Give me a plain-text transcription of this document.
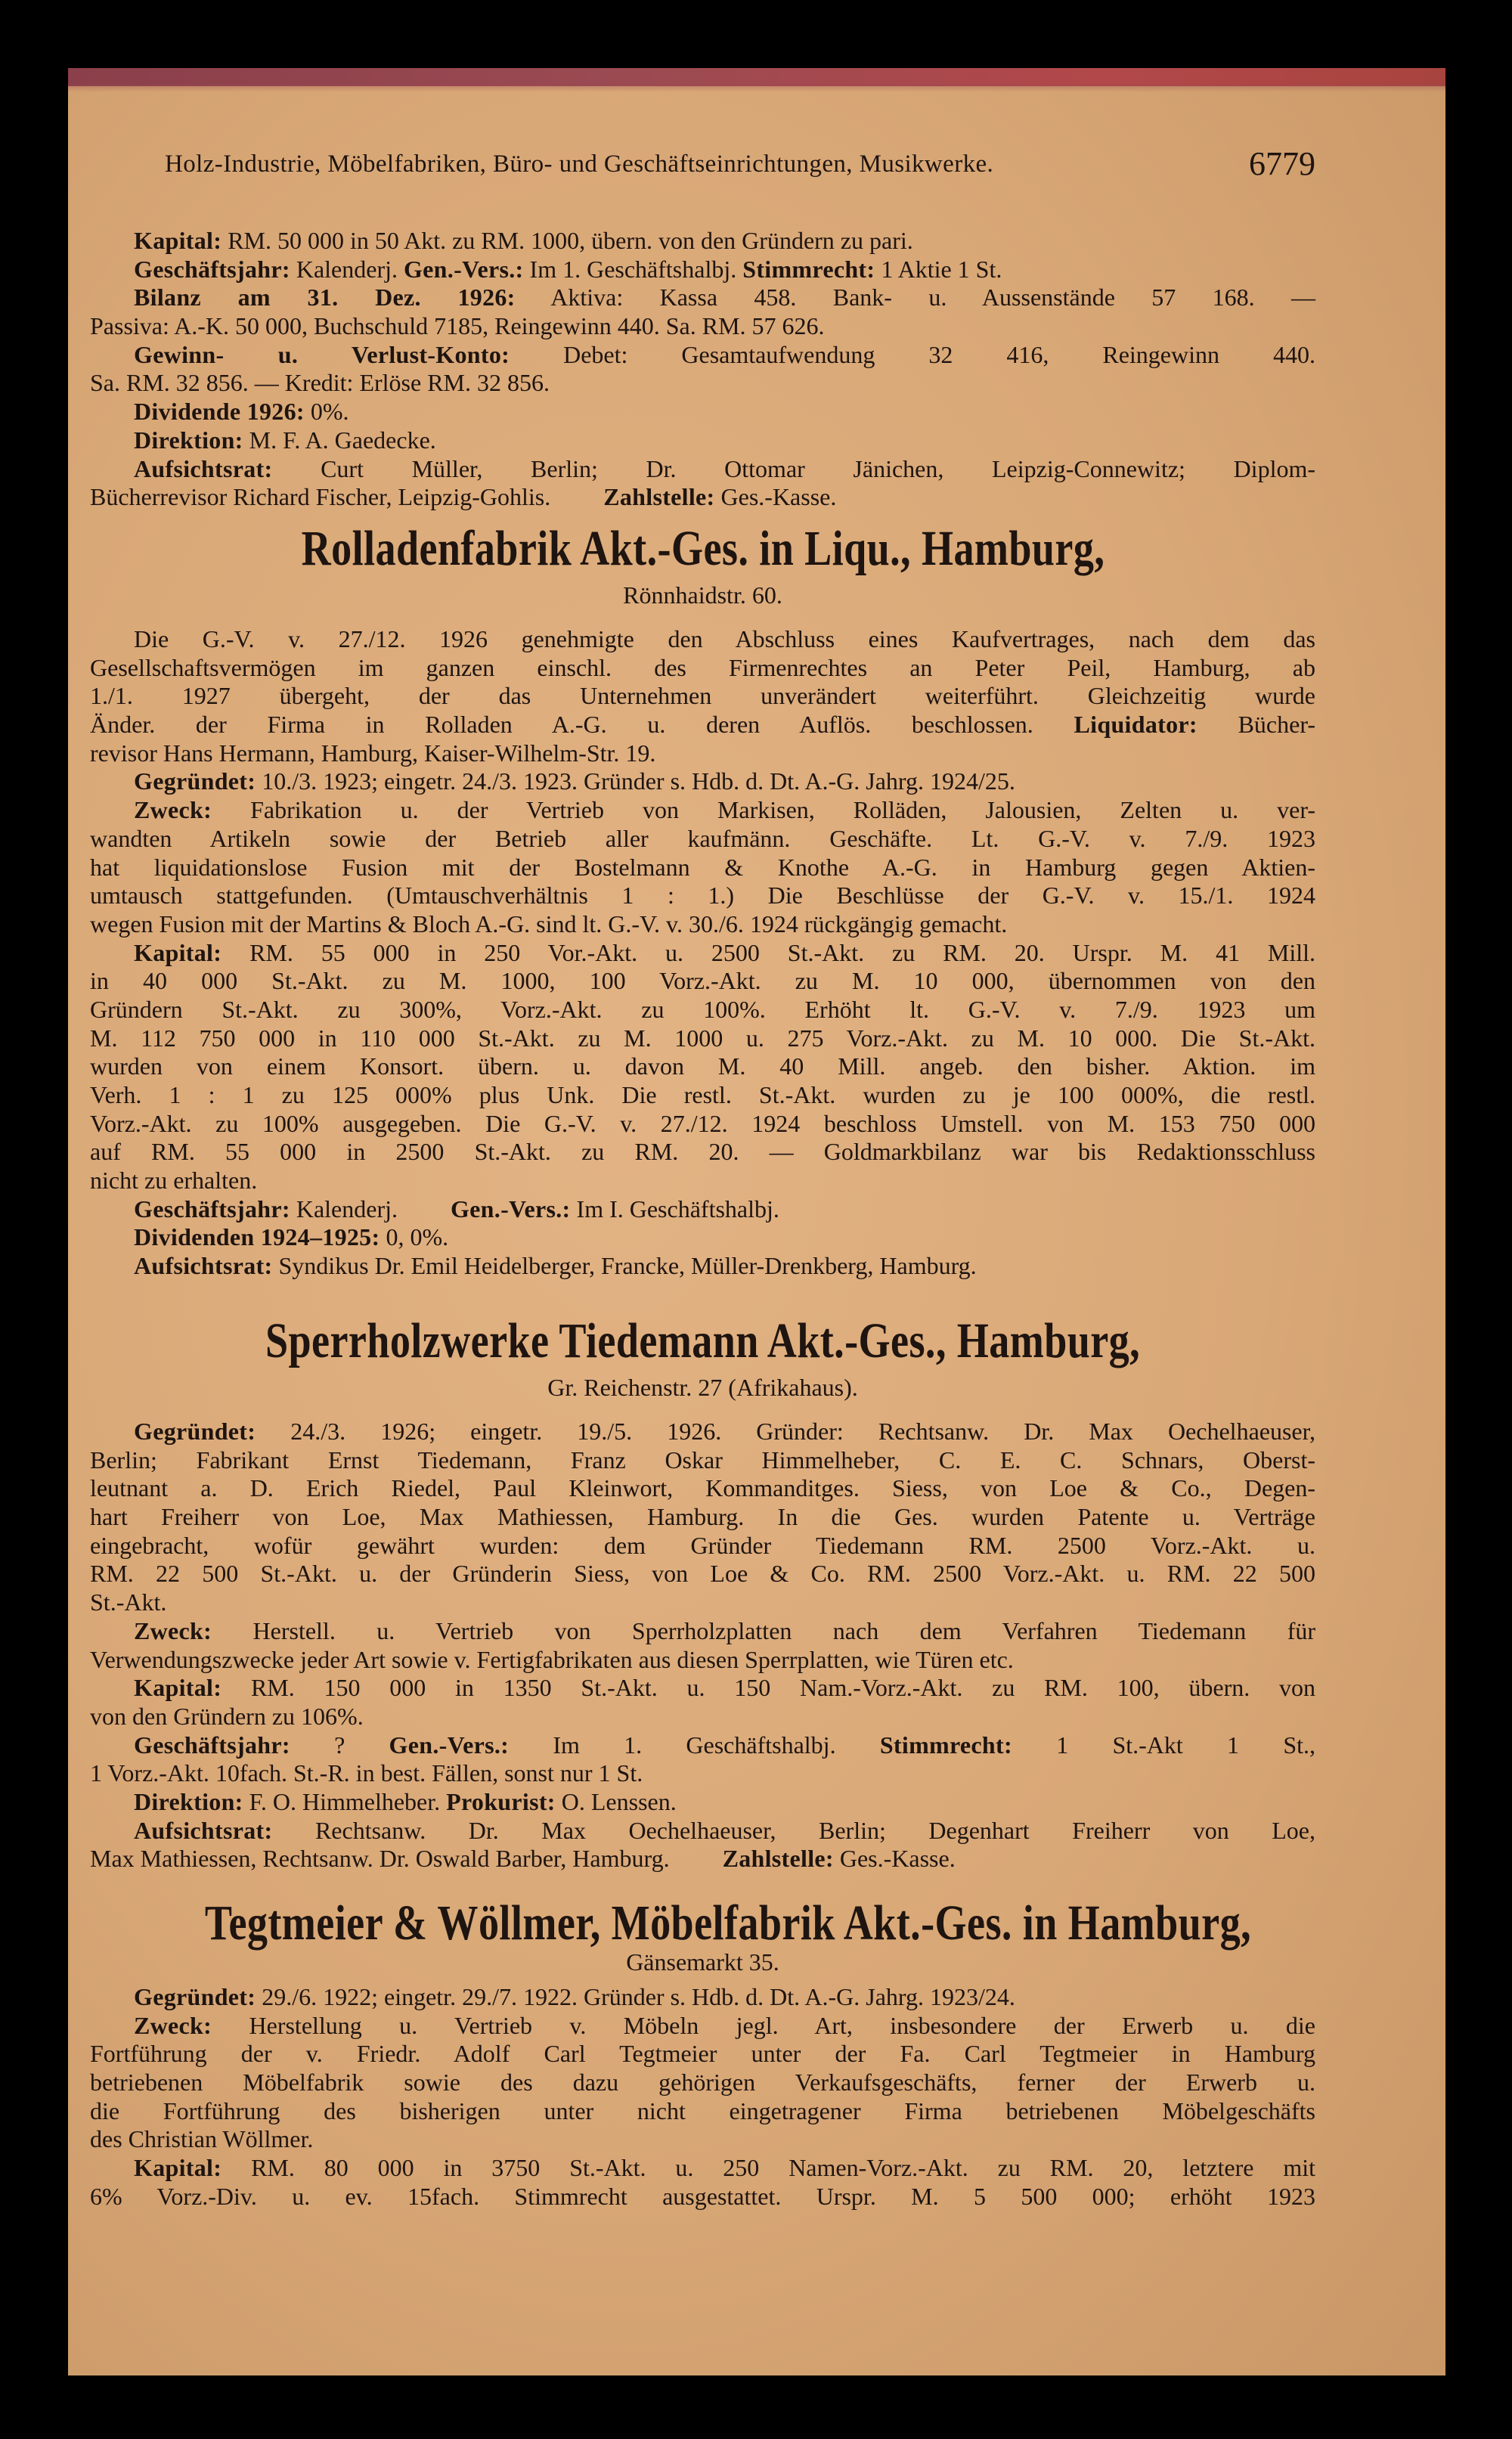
Holz-Industrie, Möbelfabriken, Büro- und Geschäftseinrichtungen, Musikwerke.	6779
Kapital: RM. 50 000 in 50 Akt. zu RM. 1000, übern. von den Gründern zu pari.
Geschäftsjahr: Kalenderj. Gen.-Vers.: Im 1. Geschäftshalbj. Stimmrecht: 1 Aktie 1 St.
Bilanz am 31. Dez. 1926: Aktiva: Kassa 458. Bank- u. Aussenstände 57 168. —
Passiva: A.-K. 50 000, Buchschuld 7185, Reingewinn 440. Sa. RM. 57 626.
Gewinn- u. Verlust-Konto: Debet: Gesamtaufwendung 32 416, Reingewinn 440.
Sa. RM. 32 856. — Kredit: Erlöse RM. 32 856.
Dividende 1926: 0%.
Direktion: M. F. A. Gaedecke.
Aufsichtsrat: Curt Müller, Berlin; Dr. Ottomar Jänichen, Leipzig-Connewitz; Diplom-
Bücherrevisor Richard Fischer, Leipzig-Gohlis. Zahlstelle: Ges.-Kasse.
Rolladenfabrik Akt.-Ges. in Liqu., Hamburg,
Rönnhaidstr. 60.
Die G.-V. v. 27./12. 1926 genehmigte den Abschluss eines Kaufvertrages, nach dem das
Gesellschaftsvermögen im ganzen einschl. des Firmenrechtes an Peter Peil, Hamburg, ab
1./1. 1927 übergeht, der das Unternehmen unverändert weiterführt. Gleichzeitig wurde
Änder. der Firma in Rolladen A.-G. u. deren Auflös. beschlossen. Liquidator: Bücher-
revisor Hans Hermann, Hamburg, Kaiser-Wilhelm-Str. 19.
Gegründet: 10./3. 1923; eingetr. 24./3. 1923. Gründer s. Hdb. d. Dt. A.-G. Jahrg. 1924/25.
Zweck: Fabrikation u. der Vertrieb von Markisen, Rolläden, Jalousien, Zelten u. ver-
wandten Artikeln sowie der Betrieb aller kaufmänn. Geschäfte. Lt. G.-V. v. 7./9. 1923
hat liquidationslose Fusion mit der Bostelmann & Knothe A.-G. in Hamburg gegen Aktien-
umtausch stattgefunden. (Umtauschverhältnis 1 : 1.) Die Beschlüsse der G.-V. v. 15./1. 1924
wegen Fusion mit der Martins & Bloch A.-G. sind lt. G.-V. v. 30./6. 1924 rückgängig gemacht.
Kapital: RM. 55 000 in 250 Vor.-Akt. u. 2500 St.-Akt. zu RM. 20. Urspr. M. 41 Mill.
in 40 000 St.-Akt. zu M. 1000, 100 Vorz.-Akt. zu M. 10 000, übernommen von den
Gründern St.-Akt. zu 300%, Vorz.-Akt. zu 100%. Erhöht lt. G.-V. v. 7./9. 1923 um
M. 112 750 000 in 110 000 St.-Akt. zu M. 1000 u. 275 Vorz.-Akt. zu M. 10 000. Die St.-Akt.
wurden von einem Konsort. übern. u. davon M. 40 Mill. angeb. den bisher. Aktion. im
Verh. 1 : 1 zu 125 000% plus Unk. Die restl. St.-Akt. wurden zu je 100 000%, die restl.
Vorz.-Akt. zu 100% ausgegeben. Die G.-V. v. 27./12. 1924 beschloss Umstell. von M. 153 750 000
auf RM. 55 000 in 2500 St.-Akt. zu RM. 20. — Goldmarkbilanz war bis Redaktionsschluss
nicht zu erhalten.
Geschäftsjahr: Kalenderj. Gen.-Vers.: Im I. Geschäftshalbj.
Dividenden 1924–1925: 0, 0%.
Aufsichtsrat: Syndikus Dr. Emil Heidelberger, Francke, Müller-Drenkberg, Hamburg.
Sperrholzwerke Tiedemann Akt.-Ges., Hamburg,
Gr. Reichenstr. 27 (Afrikahaus).
Gegründet: 24./3. 1926; eingetr. 19./5. 1926. Gründer: Rechtsanw. Dr. Max Oechelhaeuser,
Berlin; Fabrikant Ernst Tiedemann, Franz Oskar Himmelheber, C. E. C. Schnars, Oberst-
leutnant a. D. Erich Riedel, Paul Kleinwort, Kommanditges. Siess, von Loe & Co., Degen-
hart Freiherr von Loe, Max Mathiessen, Hamburg. In die Ges. wurden Patente u. Verträge
eingebracht, wofür gewährt wurden: dem Gründer Tiedemann RM. 2500 Vorz.-Akt. u.
RM. 22 500 St.-Akt. u. der Gründerin Siess, von Loe & Co. RM. 2500 Vorz.-Akt. u. RM. 22 500
St.-Akt.
Zweck: Herstell. u. Vertrieb von Sperrholzplatten nach dem Verfahren Tiedemann für
Verwendungszwecke jeder Art sowie v. Fertigfabrikaten aus diesen Sperrplatten, wie Türen etc.
Kapital: RM. 150 000 in 1350 St.-Akt. u. 150 Nam.-Vorz.-Akt. zu RM. 100, übern. von
von den Gründern zu 106%.
Geschäftsjahr: ? Gen.-Vers.: Im 1. Geschäftshalbj. Stimmrecht: 1 St.-Akt 1 St.,
1 Vorz.-Akt. 10fach. St.-R. in best. Fällen, sonst nur 1 St.
Direktion: F. O. Himmelheber. Prokurist: O. Lenssen.
Aufsichtsrat: Rechtsanw. Dr. Max Oechelhaeuser, Berlin; Degenhart Freiherr von Loe,
Max Mathiessen, Rechtsanw. Dr. Oswald Barber, Hamburg. Zahlstelle: Ges.-Kasse.
Tegtmeier & Wöllmer, Möbelfabrik Akt.-Ges. in Hamburg,
Gänsemarkt 35.
Gegründet: 29./6. 1922; eingetr. 29./7. 1922. Gründer s. Hdb. d. Dt. A.-G. Jahrg. 1923/24.
Zweck: Herstellung u. Vertrieb v. Möbeln jegl. Art, insbesondere der Erwerb u. die
Fortführung der v. Friedr. Adolf Carl Tegtmeier unter der Fa. Carl Tegtmeier in Hamburg
betriebenen Möbelfabrik sowie des dazu gehörigen Verkaufsgeschäfts, ferner der Erwerb u.
die Fortführung des bisherigen unter nicht eingetragener Firma betriebenen Möbelgeschäfts
des Christian Wöllmer.
Kapital: RM. 80 000 in 3750 St.-Akt. u. 250 Namen-Vorz.-Akt. zu RM. 20, letztere mit
6% Vorz.-Div. u. ev. 15fach. Stimmrecht ausgestattet. Urspr. M. 5 500 000; erhöht 1923
